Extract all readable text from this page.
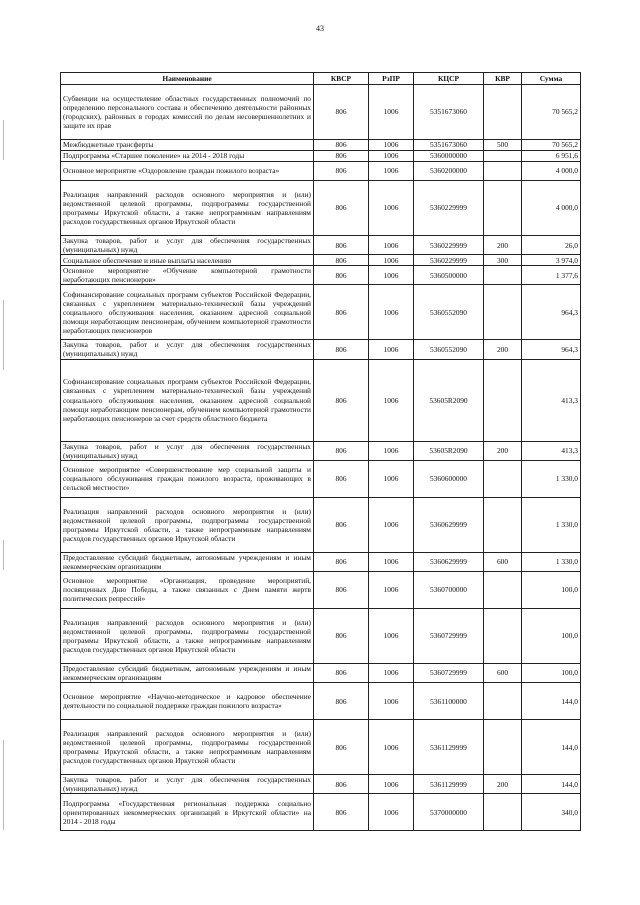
43
Наименование	КВСР	РзПР	КЦСР	КВР	Сумма
Субвенции на осуществление областных государственных полномочий по определению персонального состава и обеспечению деятельности районных (городских), районных в городах комиссий по делам несовершеннолетних и защите их прав	806	1006	5351673060		70 565,2
Межбюджетные трансферты	806	1006	5351673060	500	70 565,2
Подпрограмма «Старшее поколение» на 2014 - 2018 годы	806	1006	5360000000		6 951,6
Основное мероприятие «Оздоровление граждан пожилого возраста»	806	1006	5360200000		4 000,0
Реализация направлений расходов основного мероприятия и (или) ведомственной целевой программы, подпрограммы государственной программы Иркутской области, а также непрограммным направлениям расходов государственных органов Иркутской области	806	1006	5360229999		4 000,0
Закупка товаров, работ и услуг для обеспечения государственных (муниципальных) нужд	806	1006	5360229999	200	26,0
Социальное обеспечение и иные выплаты населению	806	1006	5360229999	300	3 974,0
Основное мероприятие «Обучение компьютерной грамотности неработающих пенсионеров»	806	1006	5360500000		1 377,6
Софинансирование социальных программ субъектов Российской Федерации, связанных с укреплением материально-технической базы учреждений социального обслуживания населения, оказанием адресной социальной помощи неработающим пенсионерам, обучением компьютерной грамотности неработающих пенсионеров	806	1006	5360552090		964,3
Закупка товаров, работ и услуг для обеспечения государственных (муниципальных) нужд	806	1006	5360552090	200	964,3
Софинансирование социальных программ субъектов Российской Федерации, связанных с укреплением материально-технической базы учреждений социального обслуживания населения, оказанием адресной социальной помощи неработающим пенсионерам, обучением компьютерной грамотности неработающих пенсионеров за счет средств областного бюджета	806	1006	53605R2090		413,3
Закупка товаров, работ и услуг для обеспечения государственных (муниципальных) нужд	806	1006	53605R2090	200	413,3
Основное мероприятие «Совершенствование мер социальной защиты и социального обслуживания граждан пожилого возраста, проживающих в сельской местности»	806	1006	5360600000		1 330,0
Реализация направлений расходов основного мероприятия и (или) ведомственной целевой программы, подпрограммы государственной программы Иркутской области, а также непрограммным направлениям расходов государственных органов Иркутской области	806	1006	5360629999		1 330,0
Предоставление субсидий бюджетным, автономным учреждениям и иным некоммерческим организациям	806	1006	5360629999	600	1 330,0
Основное мероприятие «Организация, проведение мероприятий, посвященных Дню Победы, а также связанных с Днем памяти жертв политических репрессий»	806	1006	5360700000		100,0
Реализация направлений расходов основного мероприятия и (или) ведомственной целевой программы, подпрограммы государственной программы Иркутской области, а также непрограммным направлениям расходов государственных органов Иркутской области	806	1006	5360729999		100,0
Предоставление субсидий бюджетным, автономным учреждениям и иным некоммерческим организациям	806	1006	5360729999	600	100,0
Основное мероприятие «Научно-методическое и кадровое обеспечение деятельности по социальной поддержке граждан пожилого возраста»	806	1006	5361100000		144,0
Реализация направлений расходов основного мероприятия и (или) ведомственной целевой программы, подпрограммы государственной программы Иркутской области, а также непрограммным направлениям расходов государственных органов Иркутской области	806	1006	5361129999		144,0
Закупка товаров, работ и услуг для обеспечения государственных (муниципальных) нужд	806	1006	5361129999	200	144,0
Подпрограмма «Государственная региональная поддержка социально ориентированных некоммерческих организаций в Иркутской области» на 2014 - 2018 годы	806	1006	5370000000		340,0
